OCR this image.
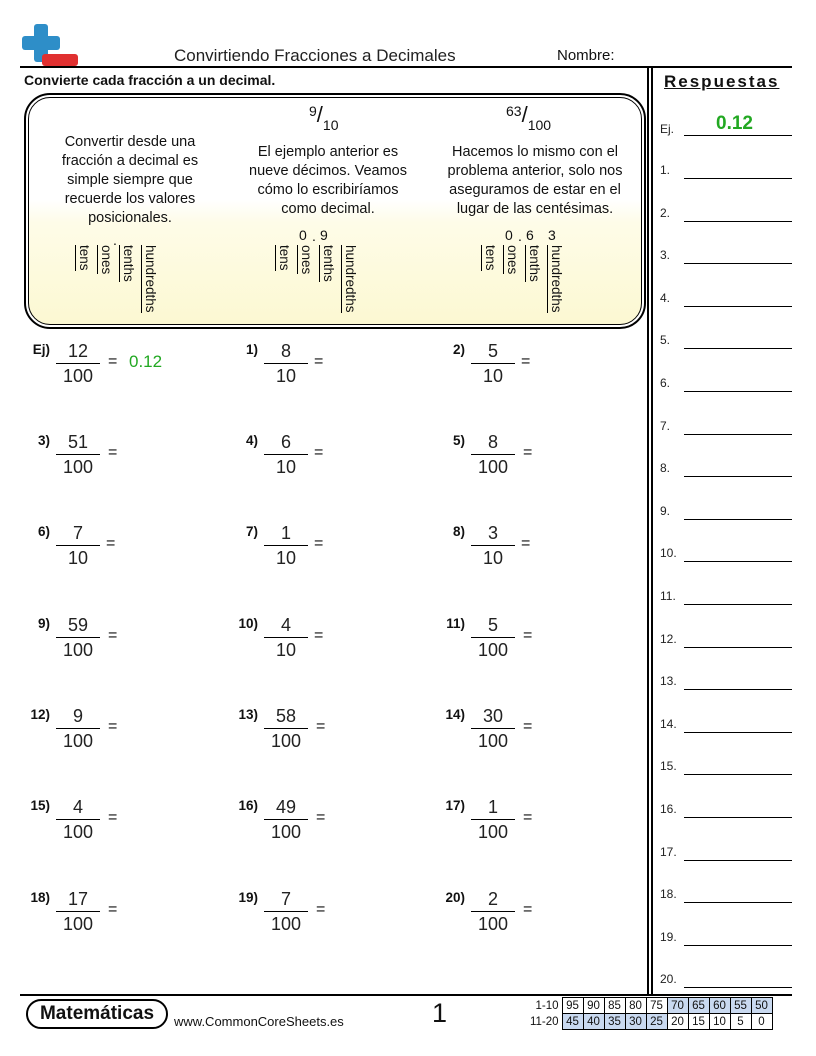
Convirtiendo Fracciones a Decimales	Nombre:
Convierte cada fracción a un decimal.
Convertir desde una fracción a decimal es simple siempre que recuerde los valores posicionales.
.
tens ones tenths hundredths
9/10
El ejemplo anterior es nueve décimos. Veamos cómo lo escribiríamos como decimal.
0 . 9
tens ones tenths hundredths
63/100
Hacemos lo mismo con el problema anterior, solo nos aseguramos de estar en el lugar de las centésimas.
0 . 6 3
tens ones tenths hundredths
Ej) 12
100
= 0.12
1)	8
10
=
2)	5
10
=
3) 51
100
=
4)	6
10
=
5)	8
100
=
6)	7
10
=
7)	1
10
=
8)	3
10
=
9) 59
100
=
10)	4
10
=
11)	5
100
=
12)	9
100
=
13) 58
100
=
14) 30
100
=
15)	4
100
=
16) 49
100
=
17)	1
100
=
18) 17
100
=
19)	7
100
=
20)	2
100
=
Respuestas
Ej. 0.12
1.
2.
3.
4.
5.
6.
7.
8.
9.
10.
11.
12.
13.
14.
15.
16.
17.
18.
19.
20.
Matemáticas	www.CommonCoreSheets.es	1	1-10	95	90	85	80	75	70	65	60	55	50
11-20	45	40	35	30	25	20	15	10	5	0
